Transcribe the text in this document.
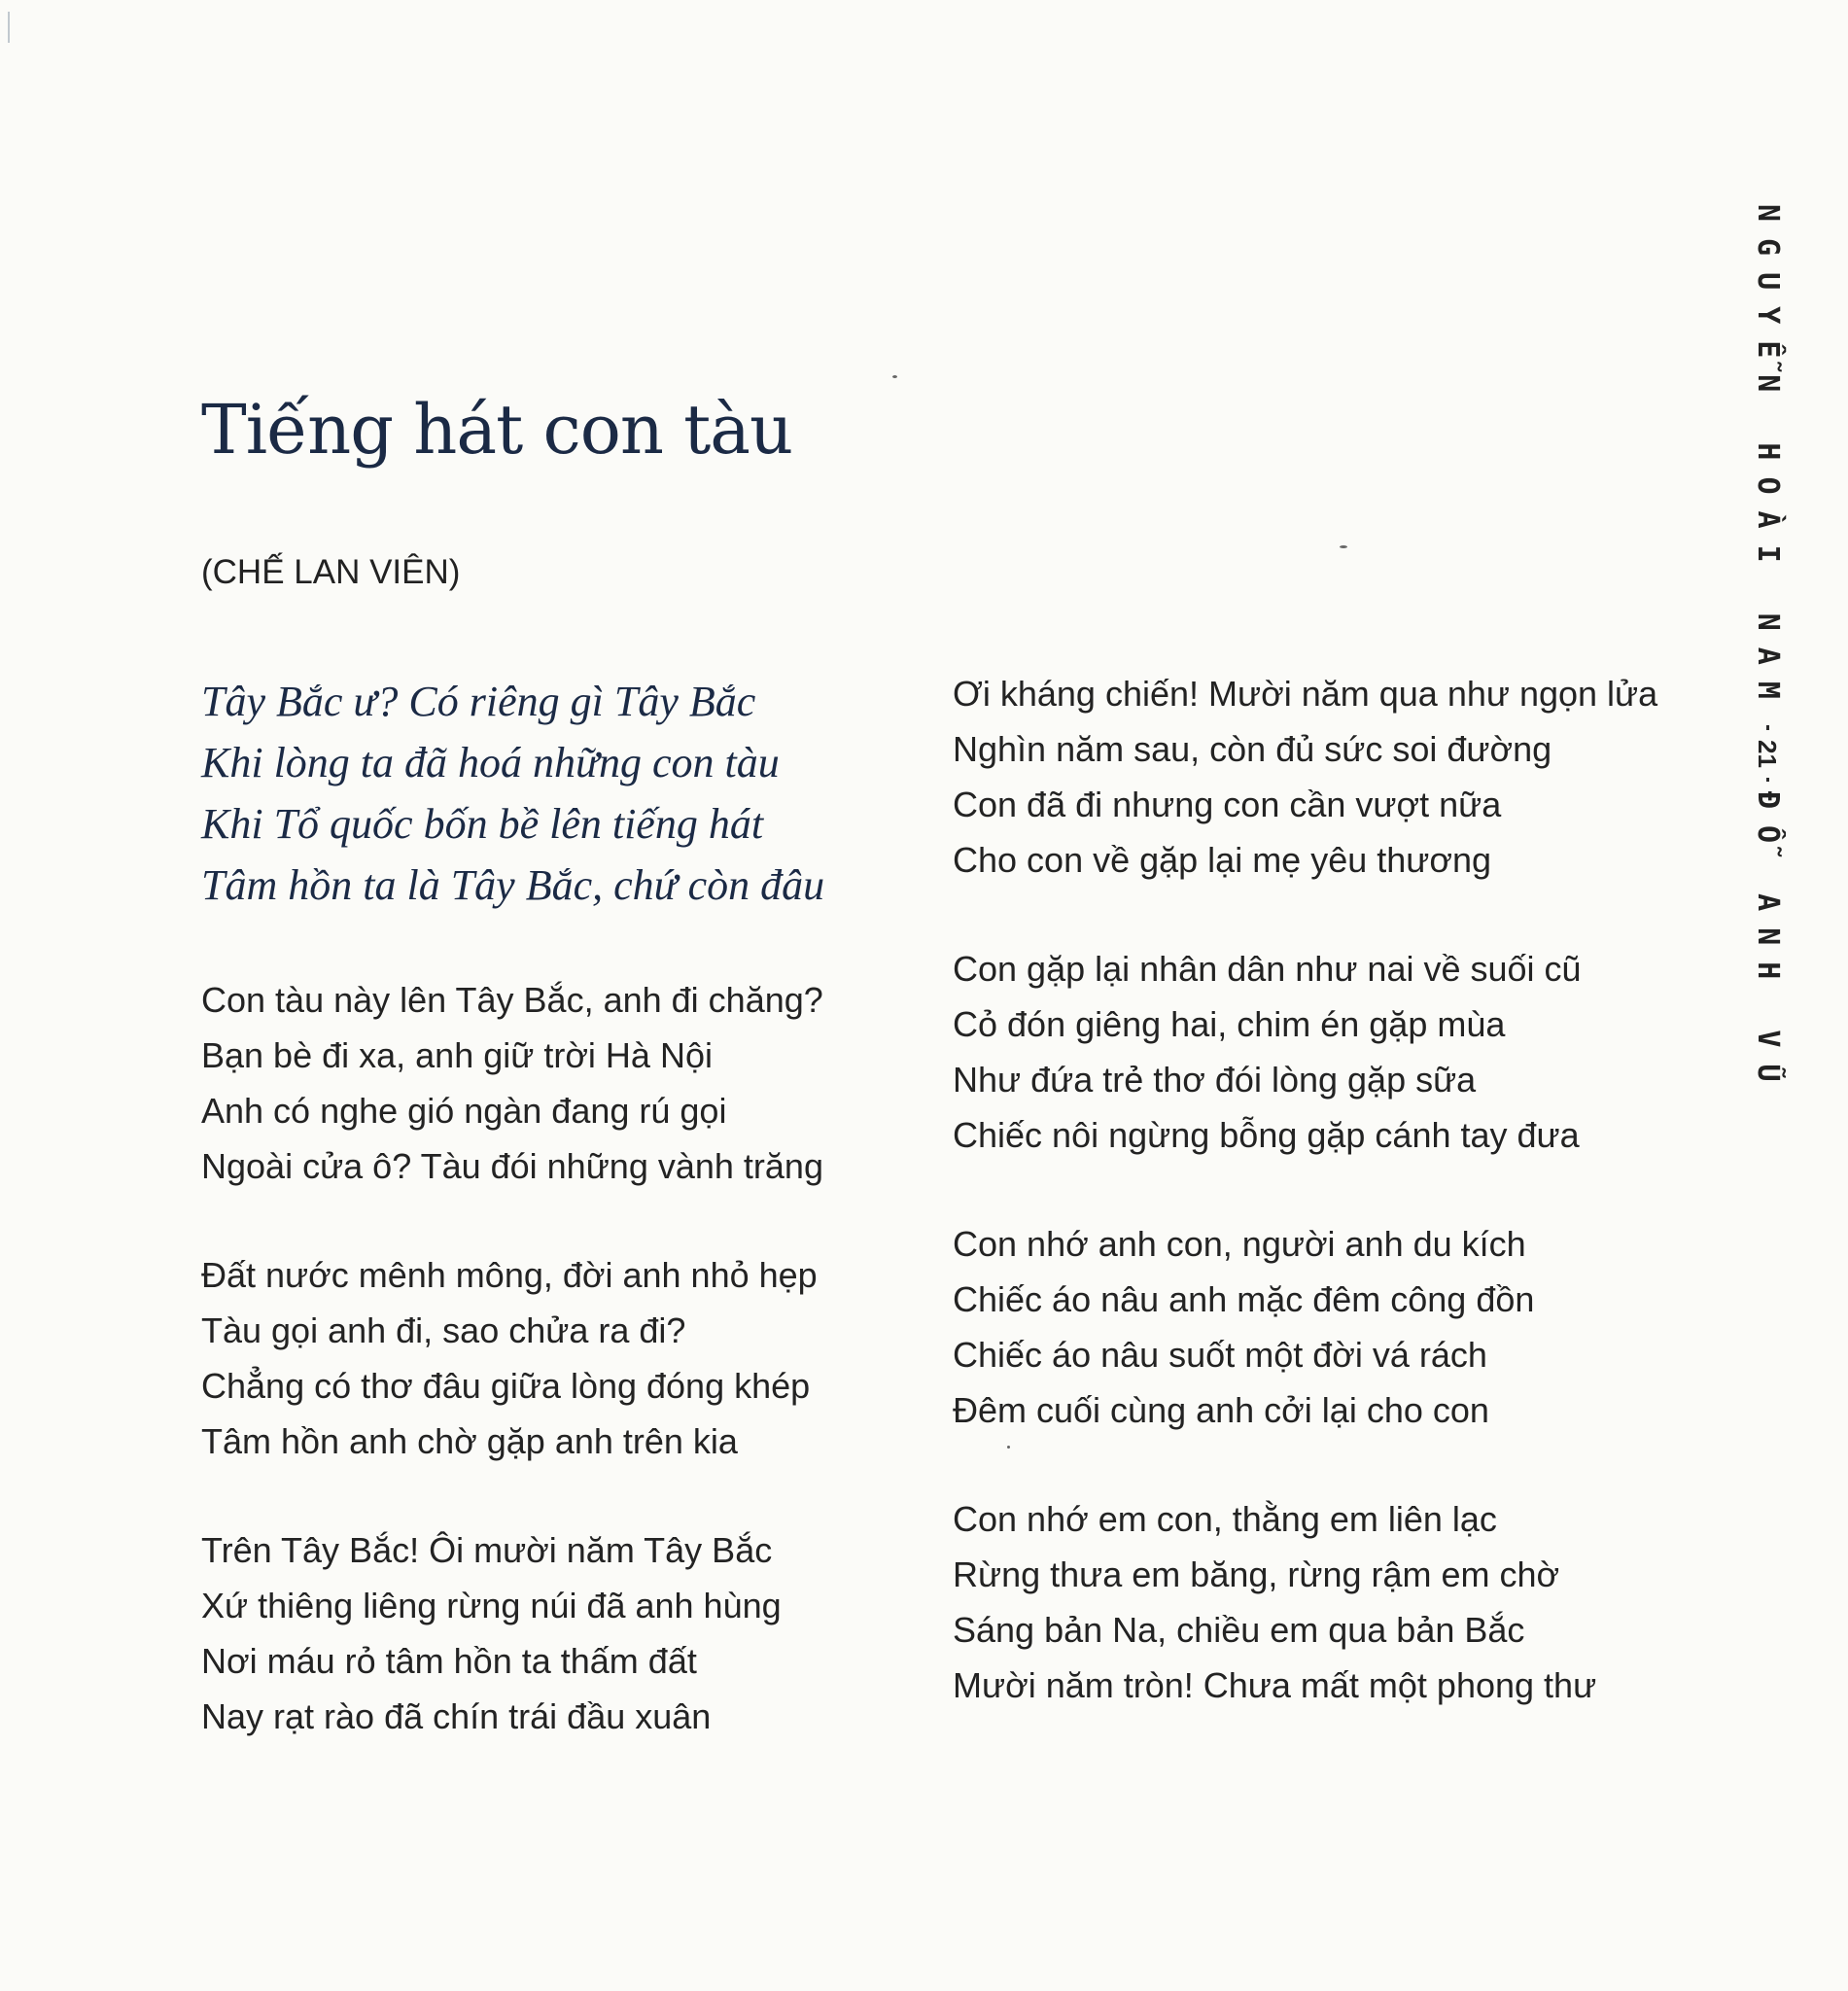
Tiếng hát con tàu

(CHẾ LAN VIÊN)

Tây Bắc ư? Có riêng gì Tây Bắc
Khi lòng ta đã hoá những con tàu
Khi Tổ quốc bốn bề lên tiếng hát
Tâm hồn ta là Tây Bắc, chứ còn đâu
Con tàu này lên Tây Bắc, anh đi chăng?
Bạn bè đi xa, anh giữ trời Hà Nội
Anh có nghe gió ngàn đang rú gọi
Ngoài cửa ô? Tàu đói những vành trăng
Đất nước mênh mông, đời anh nhỏ hẹp
Tàu gọi anh đi, sao chửa ra đi?
Chẳng có thơ đâu giữa lòng đóng khép
Tâm hồn anh chờ gặp anh trên kia
Trên Tây Bắc! Ôi mười năm Tây Bắc
Xứ thiêng liêng rừng núi đã anh hùng
Nơi máu rỏ tâm hồn ta thấm đất
Nay rạt rào đã chín trái đầu xuân
Ơi kháng chiến! Mười năm qua như ngọn lửa
Nghìn năm sau, còn đủ sức soi đường
Con đã đi nhưng con cần vượt nữa
Cho con về gặp lại mẹ yêu thương
Con gặp lại nhân dân như nai về suối cũ
Cỏ đón giêng hai, chim én gặp mùa
Như đứa trẻ thơ đói lòng gặp sữa
Chiếc nôi ngừng bỗng gặp cánh tay đưa
Con nhớ anh con, người anh du kích
Chiếc áo nâu anh mặc đêm công đồn
Chiếc áo nâu suốt một đời vá rách
Đêm cuối cùng anh cởi lại cho con
Con nhớ em con, thằng em liên lạc
Rừng thưa em băng, rừng rậm em chờ
Sáng bản Na, chiều em qua bản Bắc
Mười năm tròn! Chưa mất một phong thư
NGUYỄN HOÀI NAM
21
ĐỖ ANH VŨ
